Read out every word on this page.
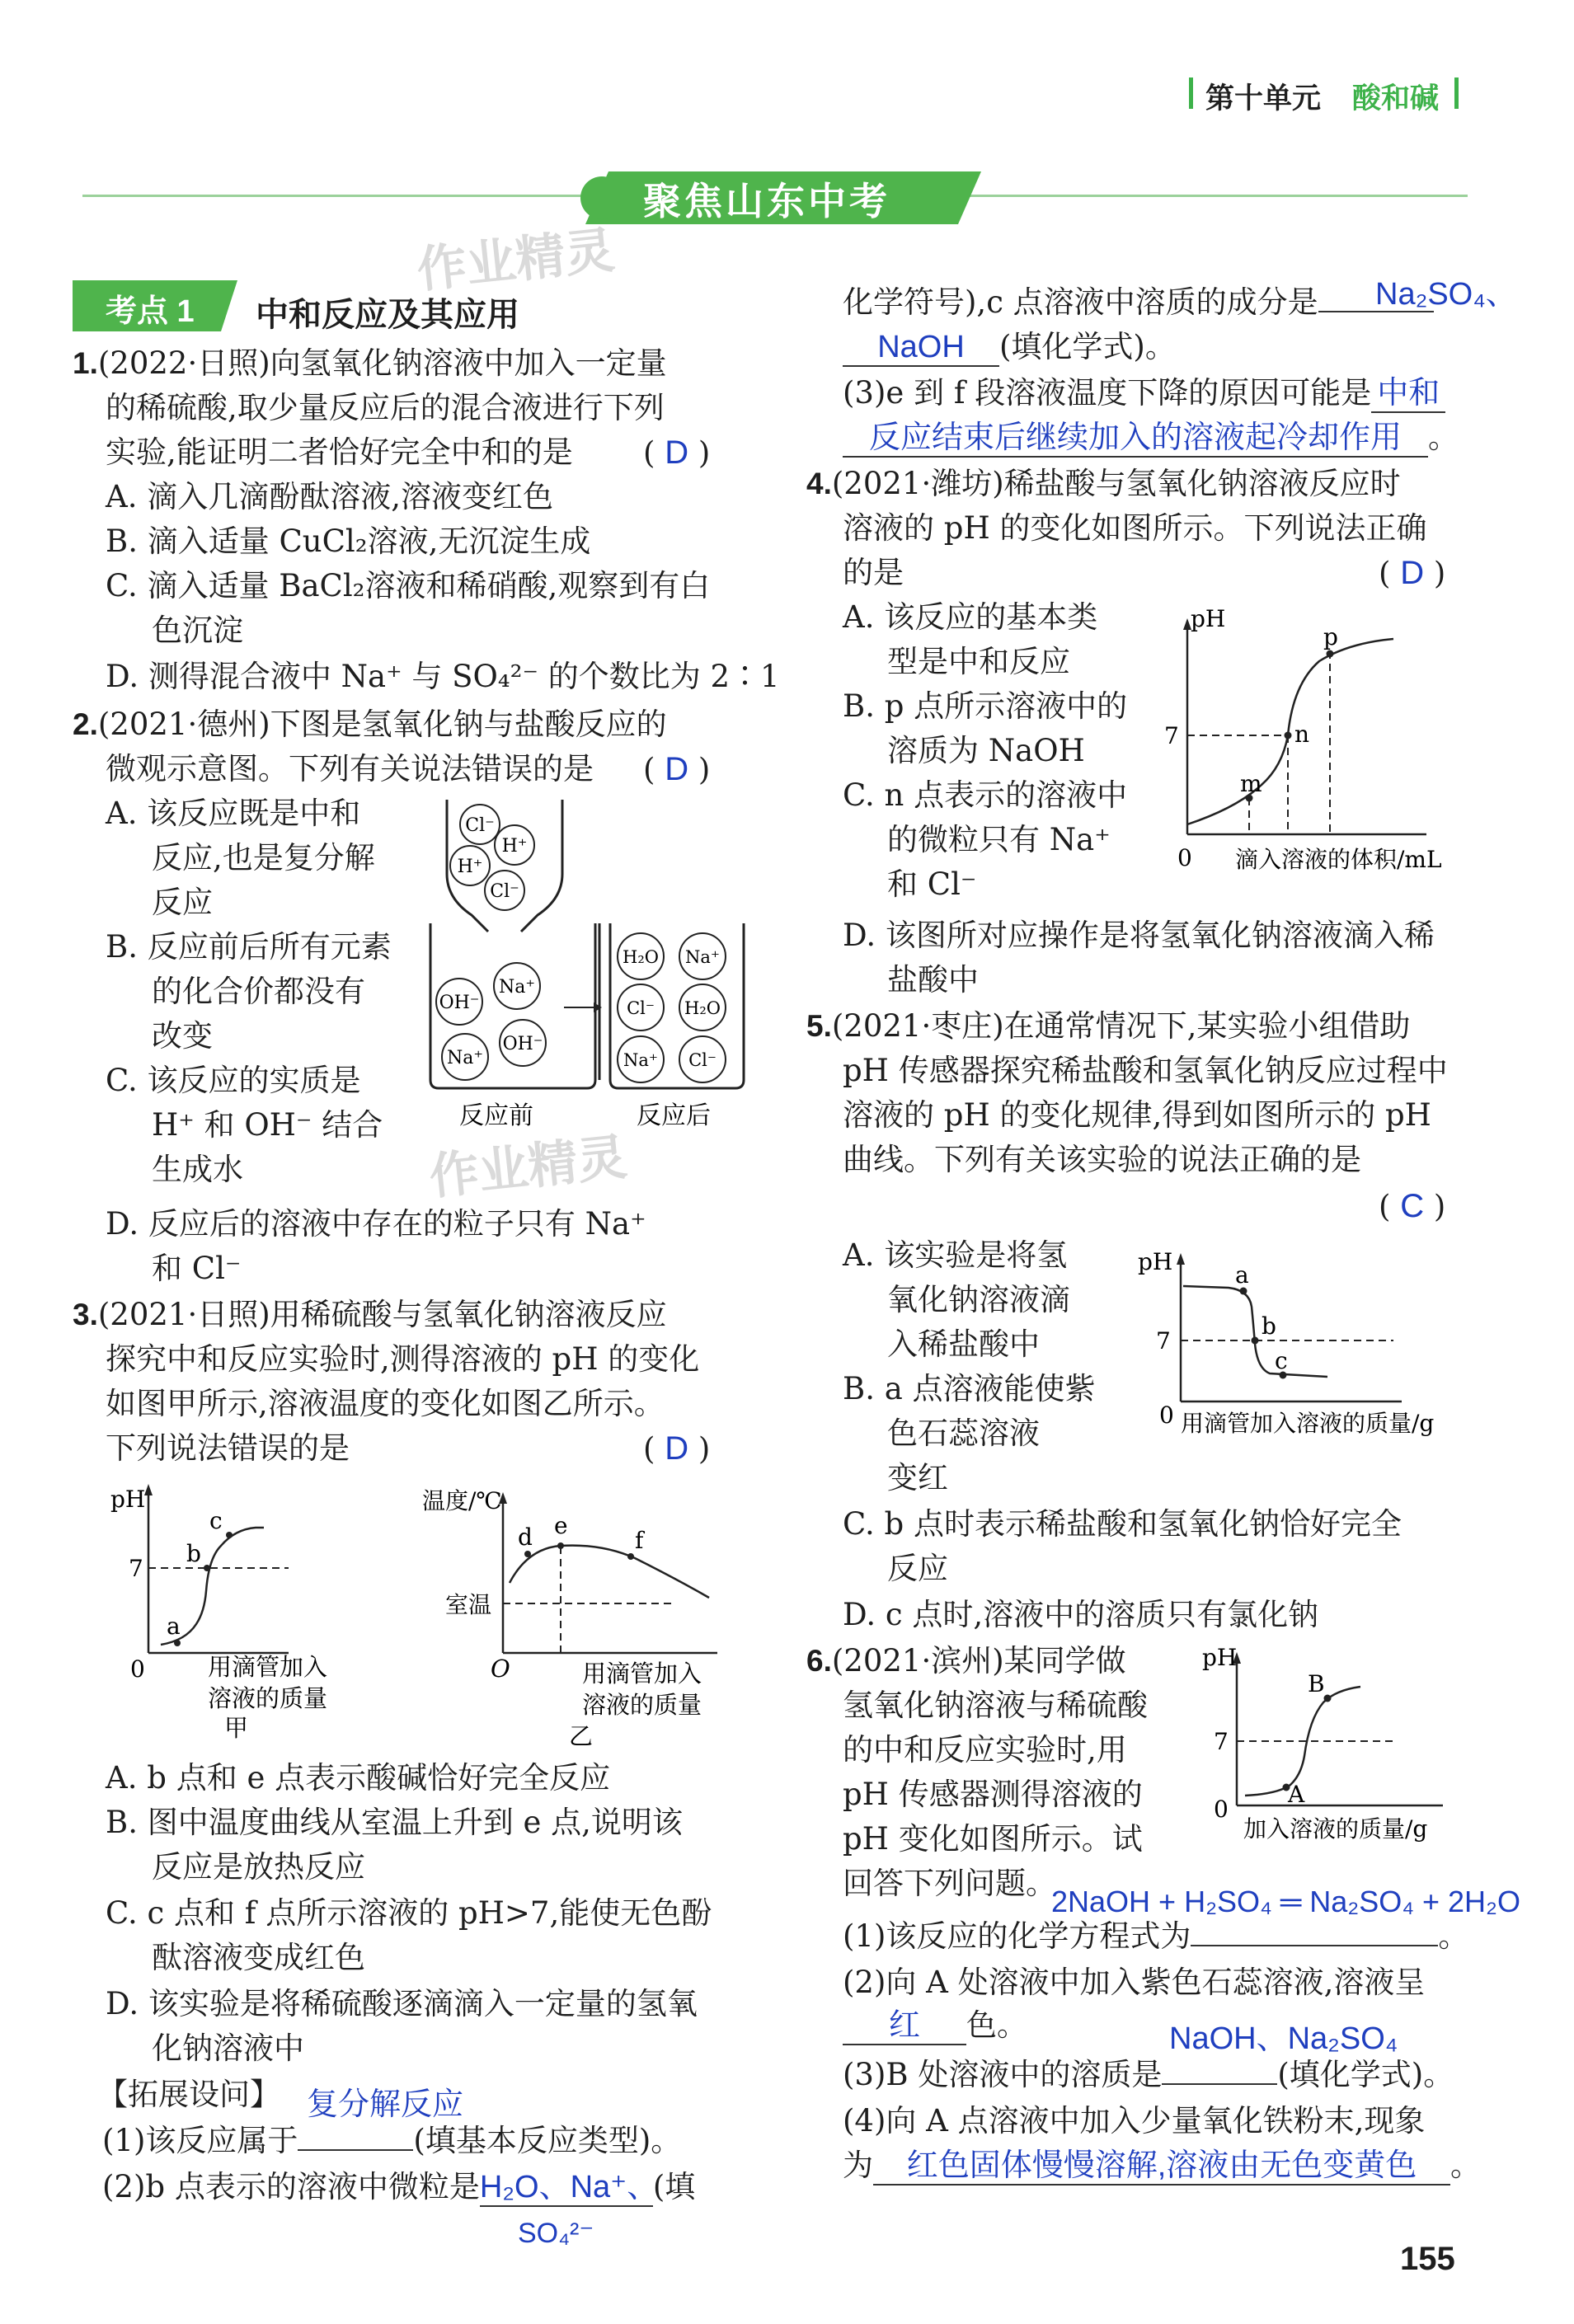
第十单元 酸和碱
聚焦山东中考
作业精灵
作业精灵
考点 1 中和反应及其应用
1.(2022·日照)向氢氧化钠溶液中加入一定量
的稀硫酸,取少量反应后的混合液进行下列
实验,能证明二者恰好完全中和的是 ( D )
A. 滴入几滴酚酞溶液,溶液变红色
B. 滴入适量 CuCl₂溶液,无沉淀生成
C. 滴入适量 BaCl₂溶液和稀硝酸,观察到有白
色沉淀
D. 测得混合液中 Na⁺ 与 SO₄²⁻ 的个数比为 2∶1
2.(2021·德州)下图是氢氧化钠与盐酸反应的
微观示意图。下列有关说法错误的是 ( D )
A. 该反应既是中和
反应,也是复分解
反应
B. 反应前后所有元素
的化合价都没有
改变
C. 该反应的实质是
H⁺ 和 OH⁻ 结合
生成水
D. 反应后的溶液中存在的粒子只有 Na⁺
和 Cl⁻
Cl⁻
H⁺
H⁺
Cl⁻
OH⁻
Na⁺
Na⁺
OH⁻
H₂O Na⁺
Cl⁻ H₂O
Na⁺ Cl⁻
反应前	反应后
3.(2021·日照)用稀硫酸与氢氧化钠溶液反应
探究中和反应实验时,测得溶液的 pH 的变化
如图甲所示,溶液温度的变化如图乙所示。
下列说法错误的是	( D )
pH
7
0
a
b
c
用滴管加入
溶液的质量
甲
温度/℃
室温
O
d e
f
用滴管加入
溶液的质量
乙
A. b 点和 e 点表示酸碱恰好完全反应
B. 图中温度曲线从室温上升到 e 点,说明该
反应是放热反应
C. c 点和 f 点所示溶液的 pH>7,能使无色酚
酞溶液变成红色
D. 该实验是将稀硫酸逐滴滴入一定量的氢氧
化钠溶液中
【拓展设问】 复分解反应
(1)该反应属于	(填基本反应类型)。
(2)b 点表示的溶液中微粒是H₂O、Na⁺、(填
SO₄²⁻
Na₂SO₄、
化学符号),c 点溶液中溶质的成分是
NaOH (填化学式)。
(3)e 到 f 段溶液温度下降的原因可能是 中和
反应结束后继续加入的溶液起冷却作用 。
4.(2021·潍坊)稀盐酸与氢氧化钠溶液反应时
溶液的 pH 的变化如图所示。下列说法正确
的是	( D )
A. 该反应的基本类
型是中和反应
B. p 点所示溶液中的
溶质为 NaOH
C. n 点表示的溶液中
的微粒只有 Na⁺
和 Cl⁻
D. 该图所对应操作是将氢氧化钠溶液滴入稀
盐酸中
pH
7
0
m
n
p
滴入溶液的体积/mL
5.(2021·枣庄)在通常情况下,某实验小组借助
pH 传感器探究稀盐酸和氢氧化钠反应过程中
溶液的 pH 的变化规律,得到如图所示的 pH
曲线。下列有关该实验的说法正确的是
( C )
A. 该实验是将氢
氧化钠溶液滴
入稀盐酸中
B. a 点溶液能使紫
色石蕊溶液
变红
C. b 点时表示稀盐酸和氢氧化钠恰好完全
反应
D. c 点时,溶液中的溶质只有氯化钠
pH
7
0
a
b
c
用滴管加入溶液的质量/g
6.(2021·滨州)某同学做
氢氧化钠溶液与稀硫酸
的中和反应实验时,用
pH 传感器测得溶液的
pH 变化如图所示。试
回答下列问题。
2NaOH + H₂SO₄ ═ Na₂SO₄ + 2H₂O
(1)该反应的化学方程式为	。
(2)向 A 处溶液中加入紫色石蕊溶液,溶液呈
红 色。	NaOH、Na₂SO₄
(3)B 处溶液中的溶质是	(填化学式)。
(4)向 A 点溶液中加入少量氧化铁粉末,现象
为 红色固体慢慢溶解,溶液由无色变黄色 。
pH
7
0
A
B
加入溶液的质量/g
155
